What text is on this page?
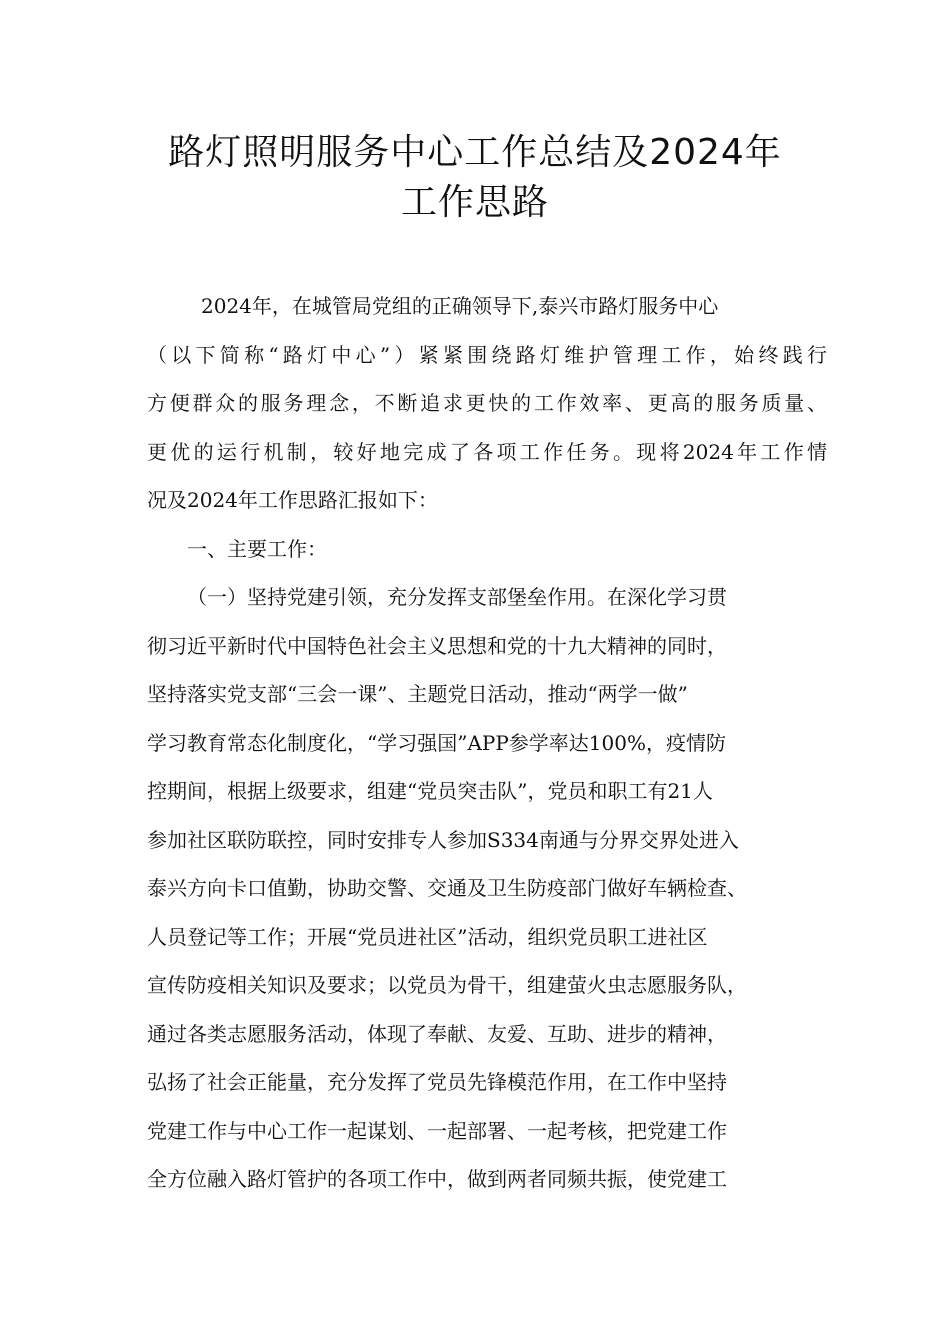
路灯照明服务中心工作总结及2024年
工作思路
2024年，在城管局党组的正确领导下,泰兴市路灯服务中心
（以下简称“路灯中心”）紧紧围绕路灯维护管理工作，始终践行
方便群众的服务理念，不断追求更快的工作效率、更高的服务质量、
更优的运行机制，较好地完成了各项工作任务。现将2024年工作情
况及2024年工作思路汇报如下：
一、主要工作：
（一）坚持党建引领，充分发挥支部堡垒作用。在深化学习贯
彻习近平新时代中国特色社会主义思想和党的十九大精神的同时，
坚持落实党支部“三会一课”、主题党日活动，推动“两学一做”
学习教育常态化制度化，“学习强国”APP参学率达100%，疫情防
控期间，根据上级要求，组建“党员突击队”，党员和职工有21人
参加社区联防联控，同时安排专人参加S334南通与分界交界处进入
泰兴方向卡口值勤，协助交警、交通及卫生防疫部门做好车辆检查、
人员登记等工作；开展“党员进社区”活动，组织党员职工进社区
宣传防疫相关知识及要求；以党员为骨干，组建萤火虫志愿服务队，
通过各类志愿服务活动，体现了奉献、友爱、互助、进步的精神，
弘扬了社会正能量，充分发挥了党员先锋模范作用，在工作中坚持
党建工作与中心工作一起谋划、一起部署、一起考核，把党建工作
全方位融入路灯管护的各项工作中，做到两者同频共振，使党建工
